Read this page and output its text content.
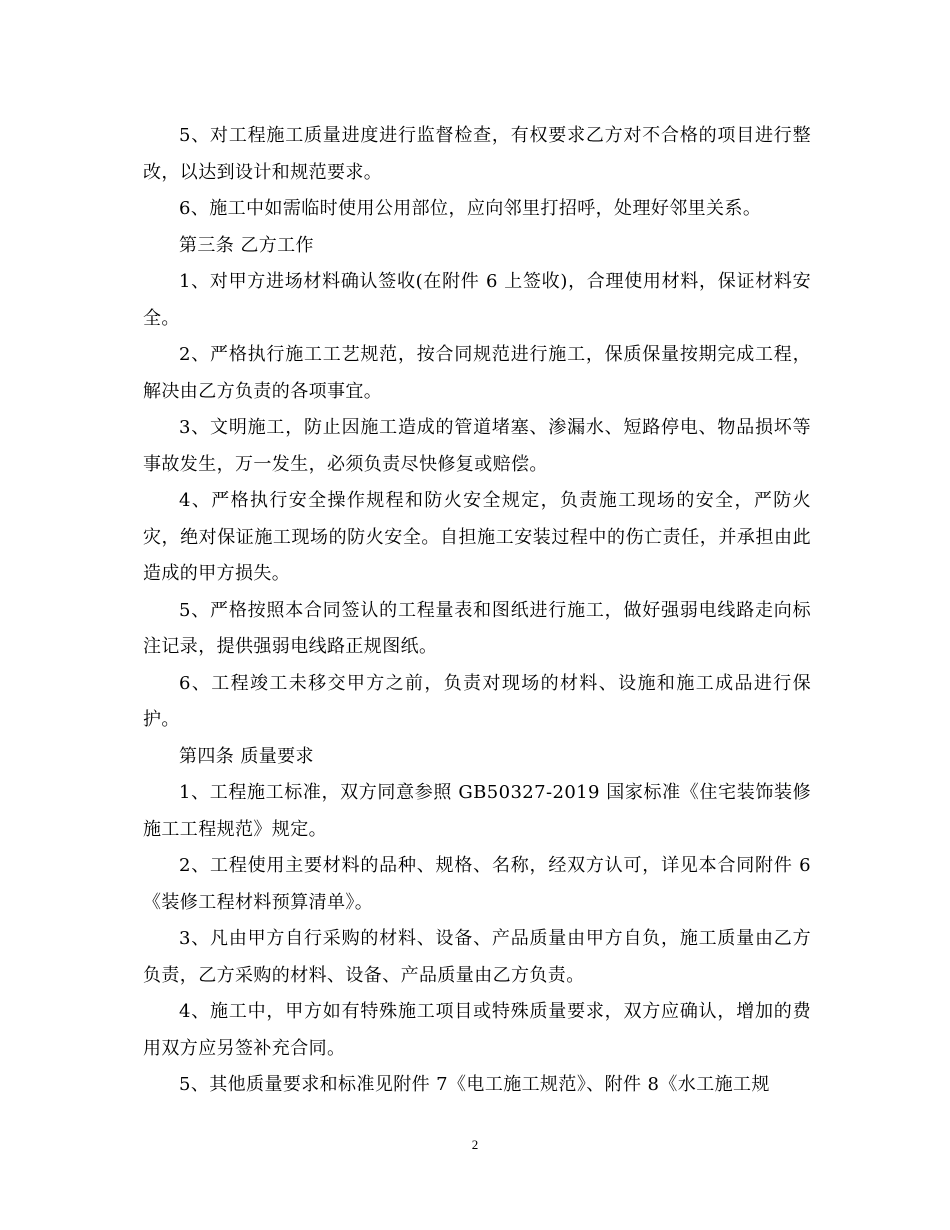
5、对工程施工质量进度进行监督检查，有权要求乙方对不合格的项目进行整改，以达到设计和规范要求。

6、施工中如需临时使用公用部位，应向邻里打招呼，处理好邻里关系。

第三条 乙方工作

1、对甲方进场材料确认签收(在附件 6 上签收)，合理使用材料，保证材料安全。

2、严格执行施工工艺规范，按合同规范进行施工，保质保量按期完成工程，解决由乙方负责的各项事宜。

3、文明施工，防止因施工造成的管道堵塞、渗漏水、短路停电、物品损坏等事故发生，万一发生，必须负责尽快修复或赔偿。

4、严格执行安全操作规程和防火安全规定，负责施工现场的安全，严防火灾，绝对保证施工现场的防火安全。自担施工安装过程中的伤亡责任，并承担由此造成的甲方损失。

5、严格按照本合同签认的工程量表和图纸进行施工，做好强弱电线路走向标注记录，提供强弱电线路正规图纸。

6、工程竣工未移交甲方之前，负责对现场的材料、设施和施工成品进行保护。

第四条 质量要求

1、工程施工标准，双方同意参照 GB50327-2019 国家标准《住宅装饰装修施工工程规范》规定。

2、工程使用主要材料的品种、规格、名称，经双方认可，详见本合同附件 6《装修工程材料预算清单》。

3、凡由甲方自行采购的材料、设备、产品质量由甲方自负，施工质量由乙方负责，乙方采购的材料、设备、产品质量由乙方负责。

4、施工中，甲方如有特殊施工项目或特殊质量要求，双方应确认，增加的费用双方应另签补充合同。

5、其他质量要求和标准见附件 7《电工施工规范》、附件 8《水工施工规

2
